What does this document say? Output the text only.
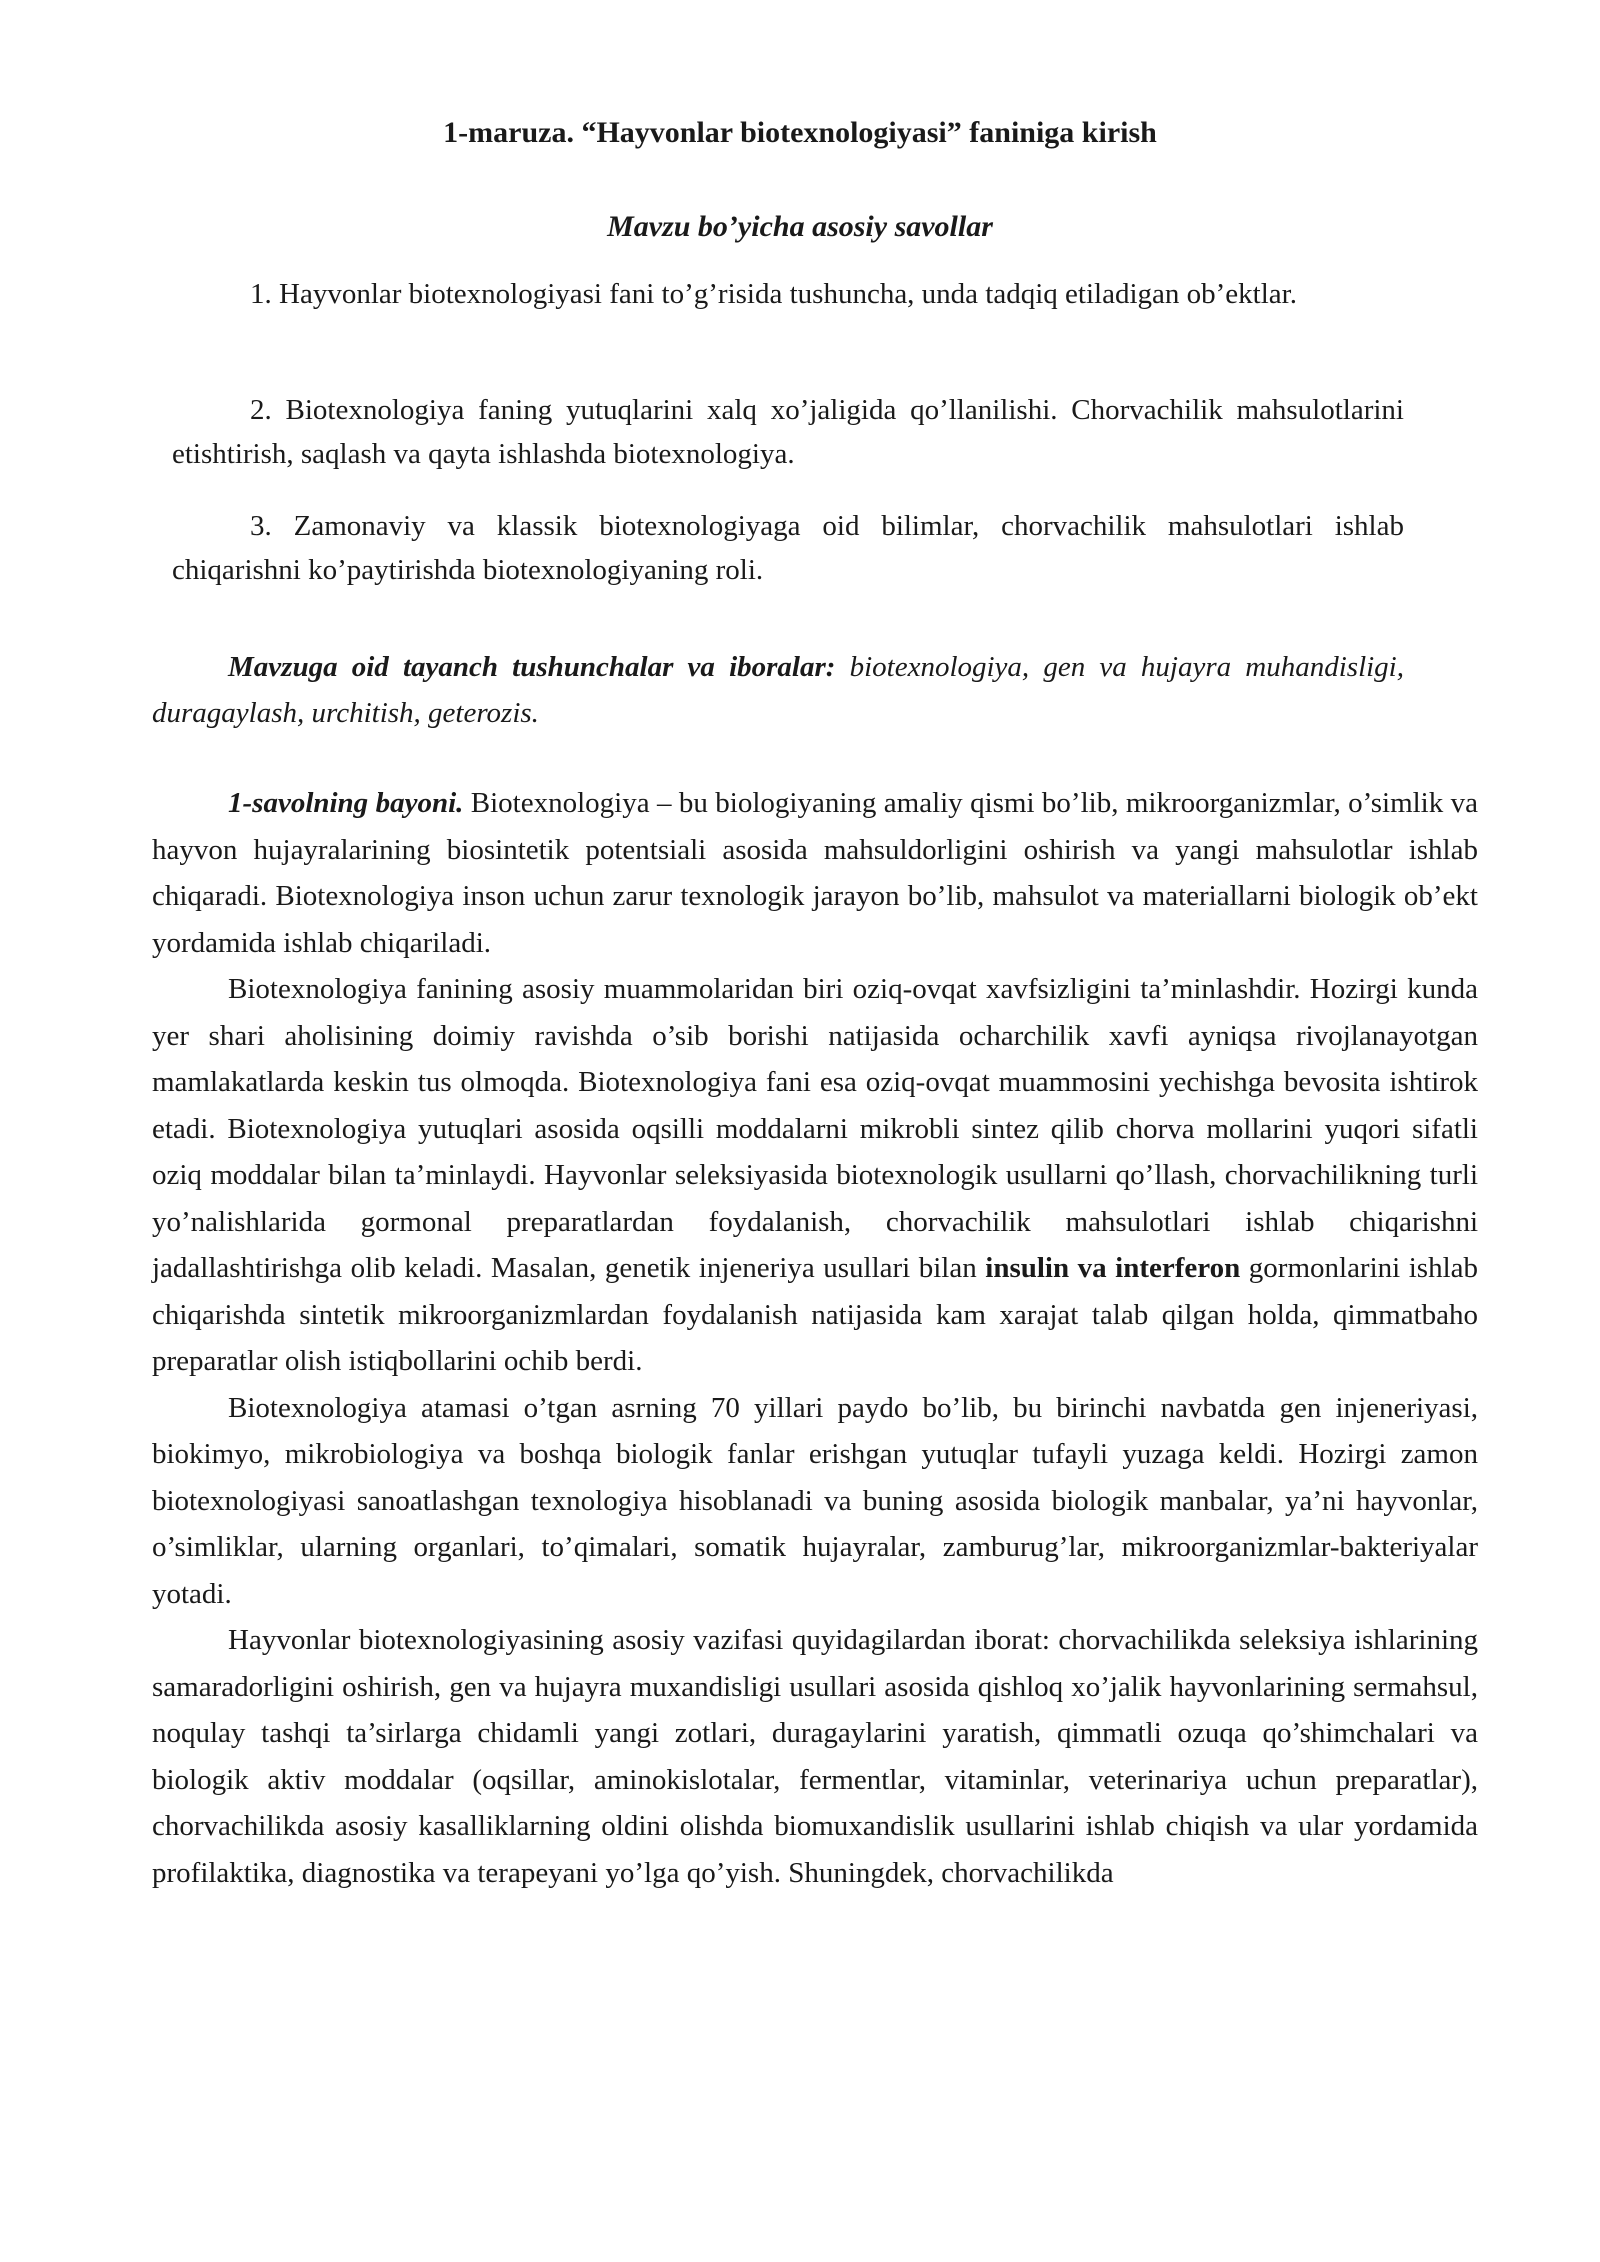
1-maruza. “Hayvonlar biotexnologiyasi” faniniga kirish
Mavzu bo’yicha asosiy savollar
1. Hayvonlar biotexnologiyasi fani to’g’risida tushuncha, unda tadqiq etiladigan ob’ektlar.
2. Biotexnologiya faning yutuqlarini xalq xo’jaligida qo’llanilishi. Chorvachilik mahsulotlarini etishtirish, saqlash va qayta ishlashda biotexnologiya.
3. Zamonaviy va klassik biotexnologiyaga oid bilimlar, chorvachilik mahsulotlari ishlab chiqarishni ko’paytirishda biotexnologiyaning roli.
Mavzuga oid tayanch tushunchalar va iboralar: biotexnologiya, gen va hujayra muhandisligi, duragaylash, urchitish, geterozis.

1-savolning bayoni. Biotexnologiya – bu biologiyaning amaliy qismi bo’lib, mikroorganizmlar, o’simlik va hayvon hujayralarining biosintetik potentsiali asosida mahsuldorligini oshirish va yangi mahsulotlar ishlab chiqaradi. Biotexnologiya inson uchun zarur texnologik jarayon bo’lib, mahsulot va materiallarni biologik ob’ekt yordamida ishlab chiqariladi.

Biotexnologiya fanining asosiy muammolaridan biri oziq-ovqat xavfsizligini ta’minlashdir. Hozirgi kunda yer shari aholisining doimiy ravishda o’sib borishi natijasida ocharchilik xavfi ayniqsa rivojlanayotgan mamlakatlarda keskin tus olmoqda. Biotexnologiya fani esa oziq-ovqat muammosini yechishga bevosita ishtirok etadi. Biotexnologiya yutuqlari asosida oqsilli moddalarni mikrobli sintez qilib chorva mollarini yuqori sifatli oziq moddalar bilan ta’minlaydi. Hayvonlar seleksiyasida biotexnologik usullarni qo’llash, chorvachilikning turli yo’nalishlarida gormonal preparatlardan foydalanish, chorvachilik mahsulotlari ishlab chiqarishni jadallashtirishga olib keladi. Masalan, genetik injeneriya usullari bilan insulin va interferon gormonlarini ishlab chiqarishda sintetik mikroorganizmlardan foydalanish natijasida kam xarajat talab qilgan holda, qimmatbaho preparatlar olish istiqbollarini ochib berdi.

Biotexnologiya atamasi o’tgan asrning 70 yillari paydo bo’lib, bu birinchi navbatda gen injeneriyasi, biokimyo, mikrobiologiya va boshqa biologik fanlar erishgan yutuqlar tufayli yuzaga keldi. Hozirgi zamon biotexnologiyasi sanoatlashgan texnologiya hisoblanadi va buning asosida biologik manbalar, ya’ni hayvonlar, o’simliklar, ularning organlari, to’qimalari, somatik hujayralar, zamburug’lar, mikroorganizmlar-bakteriyalar yotadi.

Hayvonlar biotexnologiyasining asosiy vazifasi quyidagilardan iborat: chorvachilikda seleksiya ishlarining samaradorligini oshirish, gen va hujayra muxandisligi usullari asosida qishloq xo’jalik hayvonlarining sermahsul, noqulay tashqi ta’sirlarga chidamli yangi zotlari, duragaylarini yaratish, qimmatli ozuqa qo’shimchalari va biologik aktiv moddalar (oqsillar, aminokislotalar, fermentlar, vitaminlar, veterinariya uchun preparatlar), chorvachilikda asosiy kasalliklarning oldini olishda biomuxandislik usullarini ishlab chiqish va ular yordamida profilaktika, diagnostika va terapeyani yo’lga qo’yish. Shuningdek, chorvachilikda
